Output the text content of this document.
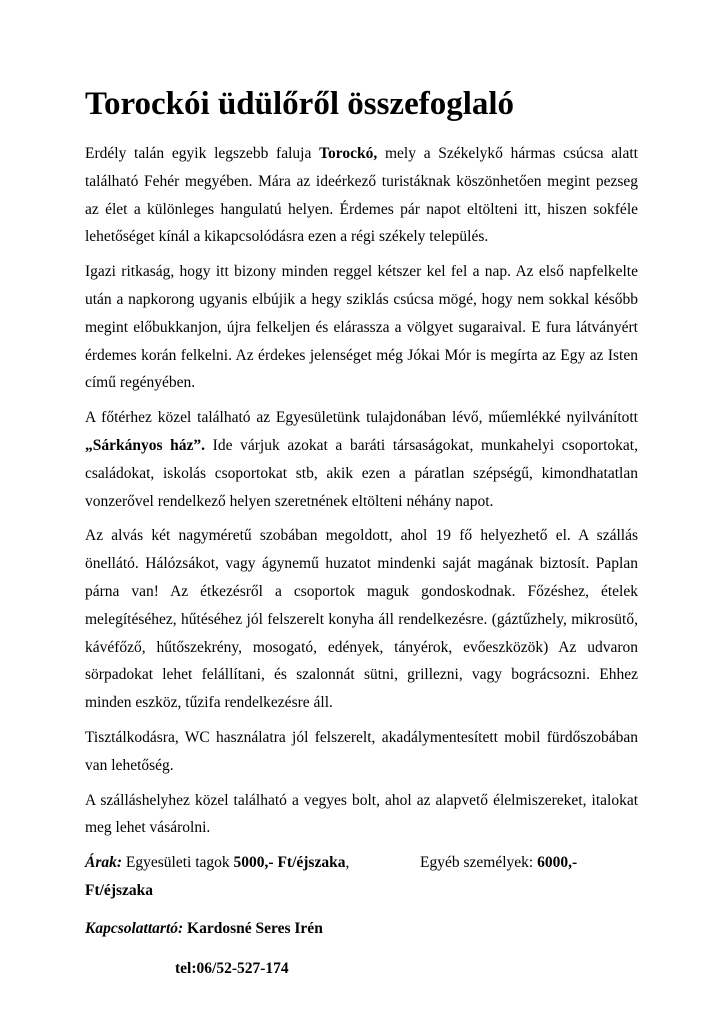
Torockói üdülőről összefoglaló

Erdély talán egyik legszebb faluja Torockó, mely a Székelykő hármas csúcsa alatt található Fehér megyében. Mára az ideérkező turistáknak köszönhetően megint pezseg az élet a különleges hangulatú helyen. Érdemes pár napot eltölteni itt, hiszen sokféle lehetőséget kínál a kikapcsolódásra ezen a régi székely település.

Igazi ritkaság, hogy itt bizony minden reggel kétszer kel fel a nap. Az első napfelkelte után a napkorong ugyanis elbújik a hegy sziklás csúcsa mögé, hogy nem sokkal később megint előbukkanjon, újra felkeljen és elárassza a völgyet sugaraival. E fura látványért érdemes korán felkelni. Az érdekes jelenséget még Jókai Mór is megírta az Egy az Isten című regényében.

A főtérhez közel található az Egyesületünk tulajdonában lévő, műemlékké nyilvánított „Sárkányos ház”. Ide várjuk azokat a baráti társaságokat, munkahelyi csoportokat, családokat, iskolás csoportokat stb, akik ezen a páratlan szépségű, kimondhatatlan vonzerővel rendelkező helyen szeretnének eltölteni néhány napot.

Az alvás két nagyméretű szobában megoldott, ahol 19 fő helyezhető el. A szállás önellátó. Hálózsákot, vagy ágynemű huzatot mindenki saját magának biztosít. Paplan párna van! Az étkezésről a csoportok maguk gondoskodnak. Főzéshez, ételek melegítéséhez, hűtéséhez jól felszerelt konyha áll rendelkezésre. (gáztűzhely, mikrosütő, kávéfőző, hűtőszekrény, mosogató, edények, tányérok, evőeszközök) Az udvaron sörpadokat lehet felállítani, és szalonnát sütni, grillezni, vagy bográcsozni. Ehhez minden eszköz, tűzifa rendelkezésre áll.

Tisztálkodásra, WC használatra jól felszerelt, akadálymentesített mobil fürdőszobában van lehetőség.

A szálláshelyhez közel található a vegyes bolt, ahol az alapvető élelmiszereket, italokat meg lehet vásárolni.

Árak: Egyesületi tagok 5000,- Ft/éjszaka,	Egyéb személyek: 6000,-
Ft/éjszaka
Kapcsolattartó: Kardosné Seres Irén
tel:06/52-527-174
